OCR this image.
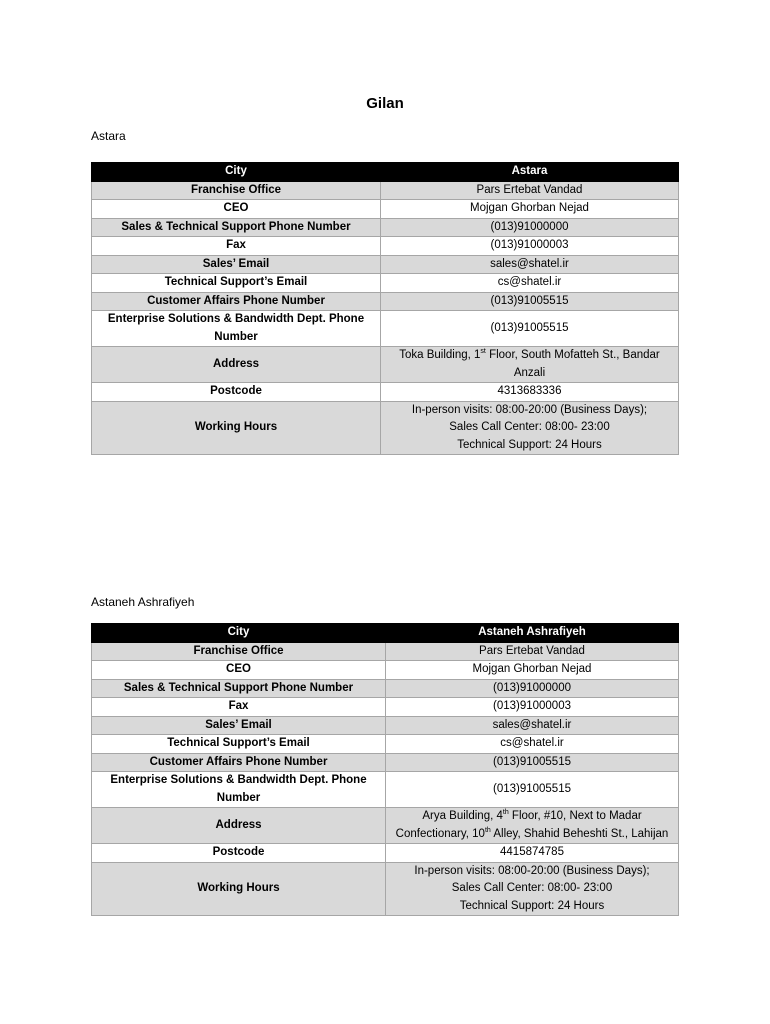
Gilan
Astara
City	Astara
Franchise Office	Pars Ertebat Vandad
CEO	Mojgan Ghorban Nejad
Sales & Technical Support Phone Number	(013)91000000
Fax	(013)91000003
Sales’ Email	sales@shatel.ir
Technical Support’s Email	cs@shatel.ir
Customer Affairs Phone Number	(013)91005515
Enterprise Solutions & Bandwidth Dept. Phone Number	(013)91005515
Address	Toka Building, 1st Floor, South Mofatteh St., Bandar Anzali
Postcode	4313683336
Working Hours	In-person visits: 08:00-20:00 (Business Days);
Sales Call Center: 08:00- 23:00
Technical Support: 24 Hours
Astaneh Ashrafiyeh
City	Astaneh Ashrafiyeh
Franchise Office	Pars Ertebat Vandad
CEO	Mojgan Ghorban Nejad
Sales & Technical Support Phone Number	(013)91000000
Fax	(013)91000003
Sales’ Email	sales@shatel.ir
Technical Support’s Email	cs@shatel.ir
Customer Affairs Phone Number	(013)91005515
Enterprise Solutions & Bandwidth Dept. Phone Number	(013)91005515
Address	Arya Building, 4th Floor, #10, Next to Madar Confectionary, 10th Alley, Shahid Beheshti St., Lahijan
Postcode	4415874785
Working Hours	In-person visits: 08:00-20:00 (Business Days);
Sales Call Center: 08:00- 23:00
Technical Support: 24 Hours
